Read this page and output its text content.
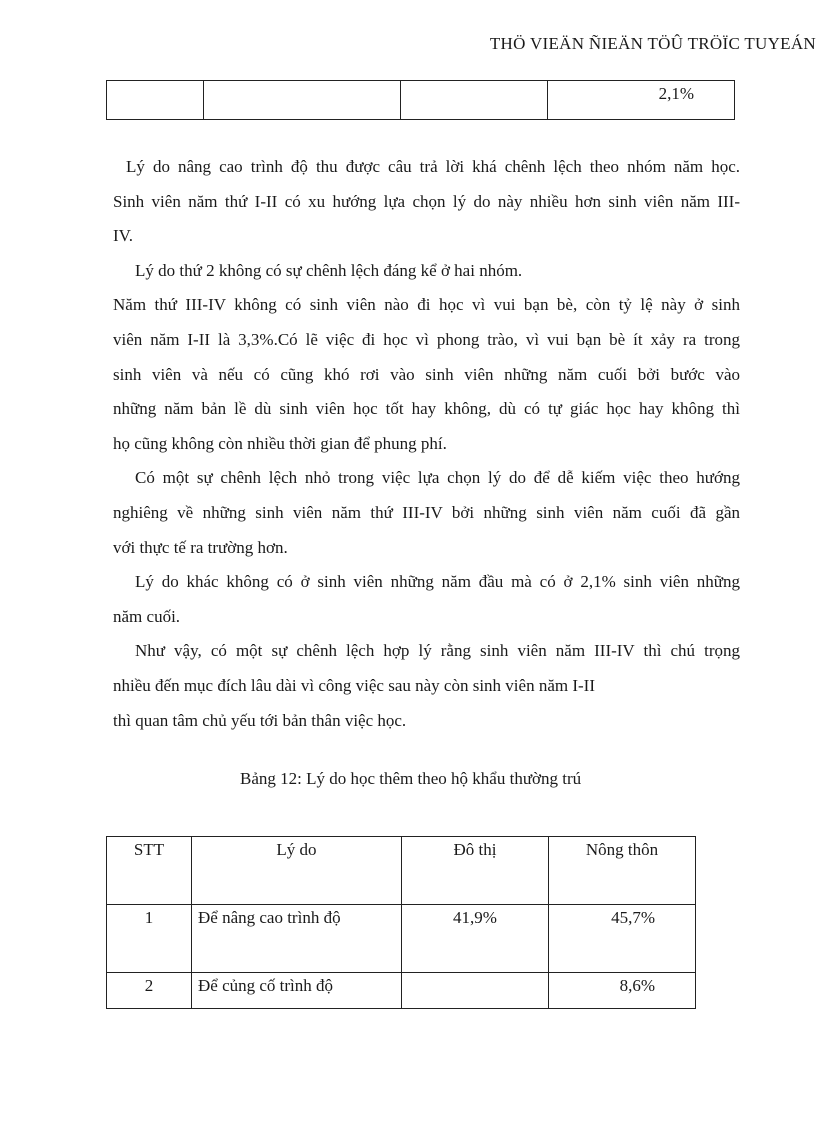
THÖ VIEÄN ÑIEÄN TÖÛ TRÖÏC TUYEÁN
			2,1%

Lý do nâng cao trình độ thu được câu trả lời khá chênh lệch theo nhóm năm học.

Sinh viên năm thứ I-II có xu hướng lựa chọn lý do này nhiều hơn sinh viên năm III-

IV.

Lý do thứ 2 không có sự chênh lệch đáng kể ở hai nhóm.

Năm thứ III-IV không có sinh viên nào đi học vì vui bạn bè, còn tỷ lệ này ở sinh

viên năm I-II là 3,3%.Có lẽ việc đi học vì phong trào, vì vui bạn bè ít xảy ra trong

sinh viên và nếu có cũng khó rơi vào sinh viên những năm cuối bởi bước vào

những năm bản lề dù sinh viên học tốt hay không, dù có tự giác học hay không thì

họ cũng không còn nhiều thời gian để phung phí.

Có một sự chênh lệch nhỏ trong việc lựa chọn lý do để dễ kiếm việc theo hướng

nghiêng về những sinh viên năm thứ III-IV bởi những sinh viên năm cuối đã gần

với thực tế ra trường hơn.

Lý do khác không có ở sinh viên những năm đầu mà có ở 2,1% sinh viên những

năm cuối.

Như vậy, có một sự chênh lệch hợp lý rằng sinh viên năm III-IV thì chú trọng

nhiều đến mục đích lâu dài vì công việc sau này còn sinh viên năm I-II

thì quan tâm chủ yếu tới bản thân việc học.

Bảng 12: Lý do học thêm theo hộ khẩu thường trú
STT	Lý do	Đô thị	Nông thôn
1	Để nâng cao trình độ	41,9%	45,7%
2	Để củng cố trình độ		8,6%
